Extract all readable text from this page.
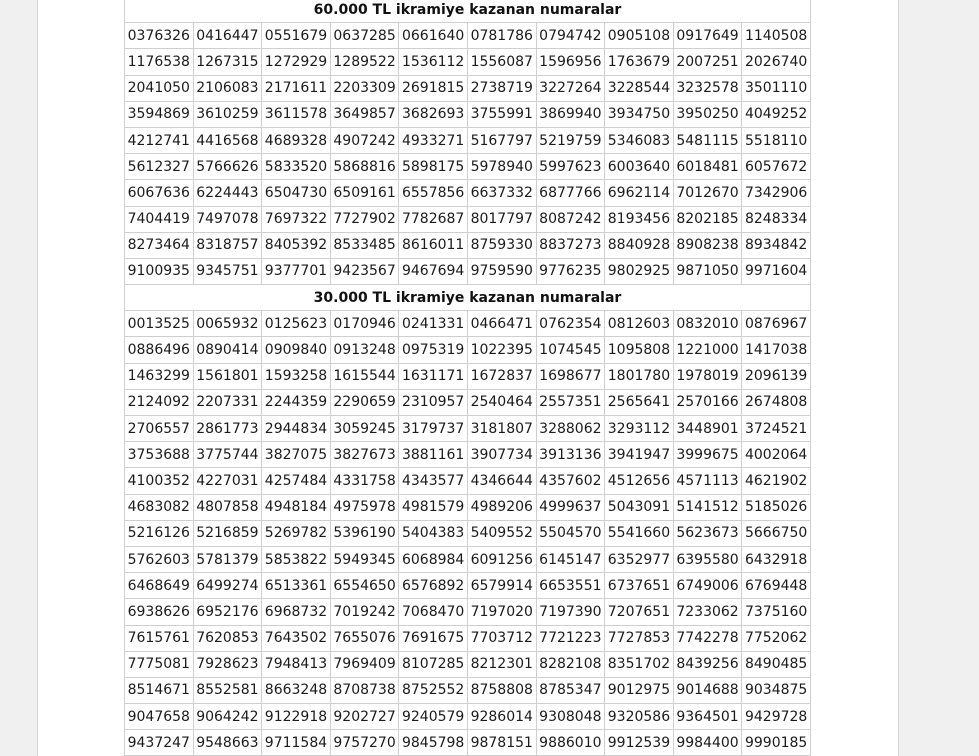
60.000 TL ikramiye kazanan numaralar									
0376326	0416447	0551679	0637285	0661640	0781786	0794742	0905108	0917649	1140508
1176538	1267315	1272929	1289522	1536112	1556087	1596956	1763679	2007251	2026740
2041050	2106083	2171611	2203309	2691815	2738719	3227264	3228544	3232578	3501110
3594869	3610259	3611578	3649857	3682693	3755991	3869940	3934750	3950250	4049252
4212741	4416568	4689328	4907242	4933271	5167797	5219759	5346083	5481115	5518110
5612327	5766626	5833520	5868816	5898175	5978940	5997623	6003640	6018481	6057672
6067636	6224443	6504730	6509161	6557856	6637332	6877766	6962114	7012670	7342906
7404419	7497078	7697322	7727902	7782687	8017797	8087242	8193456	8202185	8248334
8273464	8318757	8405392	8533485	8616011	8759330	8837273	8840928	8908238	8934842
9100935	9345751	9377701	9423567	9467694	9759590	9776235	9802925	9871050	9971604
30.000 TL ikramiye kazanan numaralar									
0013525	0065932	0125623	0170946	0241331	0466471	0762354	0812603	0832010	0876967
0886496	0890414	0909840	0913248	0975319	1022395	1074545	1095808	1221000	1417038
1463299	1561801	1593258	1615544	1631171	1672837	1698677	1801780	1978019	2096139
2124092	2207331	2244359	2290659	2310957	2540464	2557351	2565641	2570166	2674808
2706557	2861773	2944834	3059245	3179737	3181807	3288062	3293112	3448901	3724521
3753688	3775744	3827075	3827673	3881161	3907734	3913136	3941947	3999675	4002064
4100352	4227031	4257484	4331758	4343577	4346644	4357602	4512656	4571113	4621902
4683082	4807858	4948184	4975978	4981579	4989206	4999637	5043091	5141512	5185026
5216126	5216859	5269782	5396190	5404383	5409552	5504570	5541660	5623673	5666750
5762603	5781379	5853822	5949345	6068984	6091256	6145147	6352977	6395580	6432918
6468649	6499274	6513361	6554650	6576892	6579914	6653551	6737651	6749006	6769448
6938626	6952176	6968732	7019242	7068470	7197020	7197390	7207651	7233062	7375160
7615761	7620853	7643502	7655076	7691675	7703712	7721223	7727853	7742278	7752062
7775081	7928623	7948413	7969409	8107285	8212301	8282108	8351702	8439256	8490485
8514671	8552581	8663248	8708738	8752552	8758808	8785347	9012975	9014688	9034875
9047658	9064242	9122918	9202727	9240579	9286014	9308048	9320586	9364501	9429728
9437247	9548663	9711584	9757270	9845798	9878151	9886010	9912539	9984400	9990185
